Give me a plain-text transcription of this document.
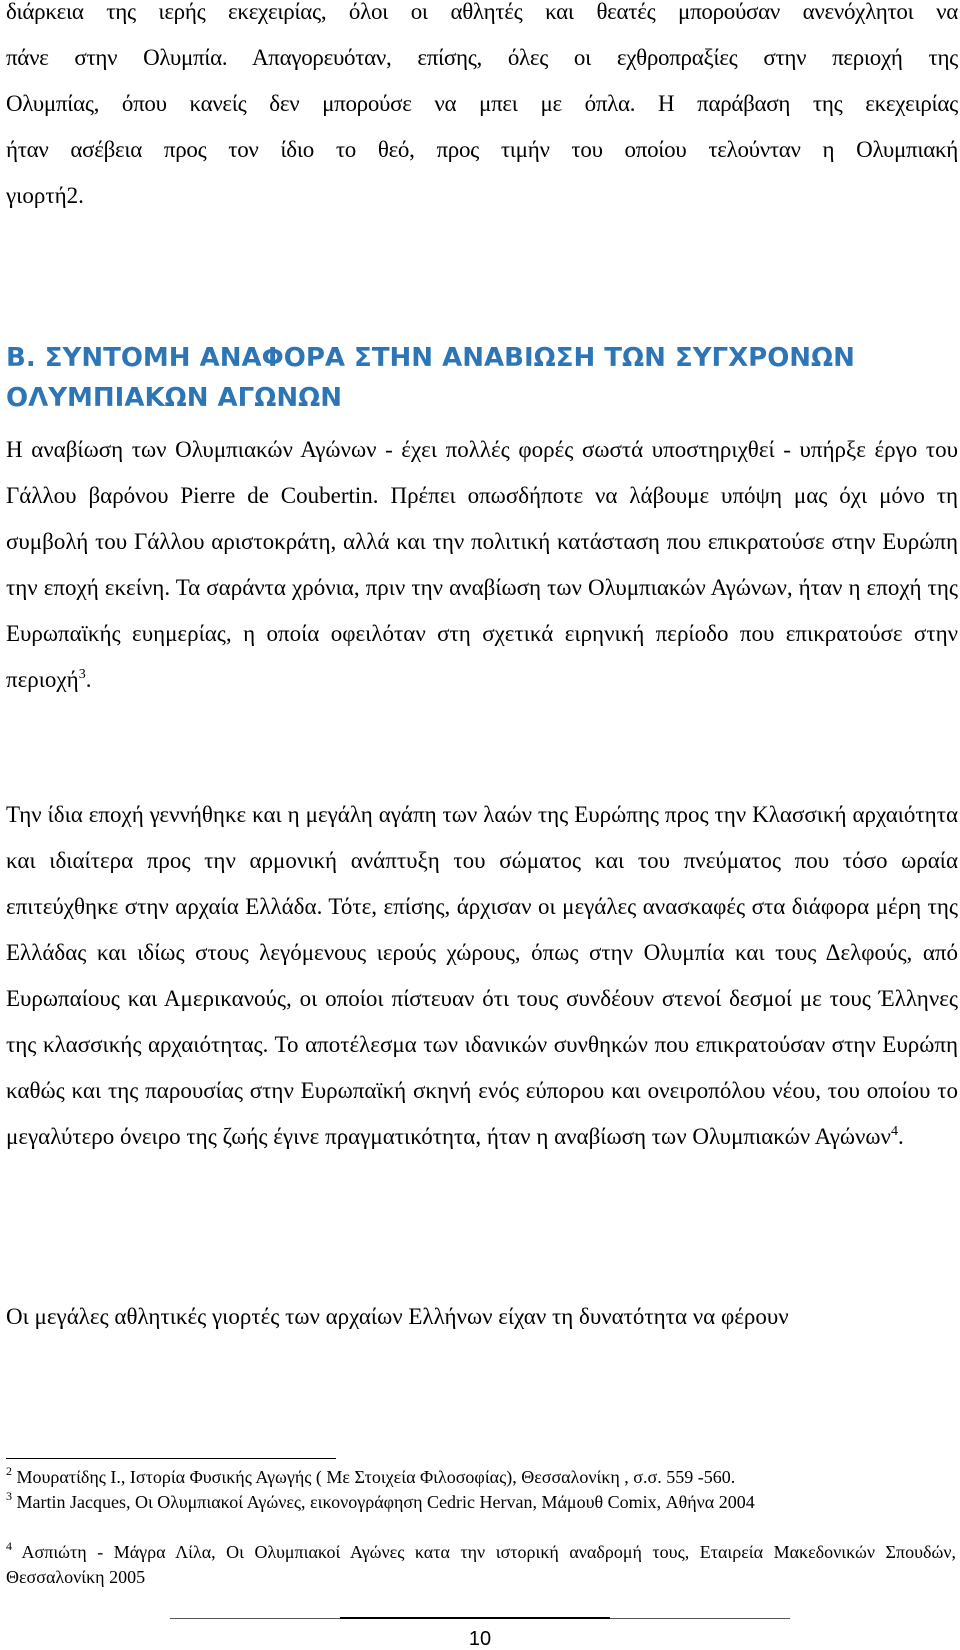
διάρκεια της ιερής εκεχειρίας, όλοι οι αθλητές και θεατές μπορούσαν ανενόχλητοι να

πάνε στην Ολυμπία. Απαγορευόταν, επίσης, όλες οι εχθροπραξίες στην περιοχή της

Ολυμπίας, όπου κανείς δεν μπορούσε να μπει με όπλα. Η παράβαση της εκεχειρίας

ήταν ασέβεια προς τον ίδιο το θεό, προς τιμήν του οποίου τελούνταν η Ολυμπιακή

γιορτή2.

Β. ΣΥΝΤΟΜΗ ΑΝΑΦΟΡΑ ΣΤΗΝ ΑΝΑΒΙΩΣΗ ΤΩΝ ΣΥΓΧΡΟΝΩΝ
ΟΛΥΜΠΙΑΚΩΝ ΑΓΩΝΩΝ

Η αναβίωση των Ολυμπιακών Αγώνων - έχει πολλές φορές σωστά υποστηριχθεί - υπήρξε έργο του Γάλλου βαρόνου Pierre de Coubertin. Πρέπει οπωσδήποτε να λάβουμε υπόψη μας όχι μόνο τη συμβολή του Γάλλου αριστοκράτη, αλλά και την πολιτική κατάσταση που επικρατούσε στην Ευρώπη την εποχή εκείνη. Τα σαράντα χρόνια, πριν την αναβίωση των Ολυμπιακών Αγώνων, ήταν η εποχή της Ευρωπαϊκής ευημερίας, η οποία οφειλόταν στη σχετικά ειρηνική περίοδο που επικρατούσε στην περιοχή$^3$.

Την ίδια εποχή γεννήθηκε και η μεγάλη αγάπη των λαών της Ευρώπης προς την Κλασσική αρχαιότητα και ιδιαίτερα προς την αρμονική ανάπτυξη του σώματος και του πνεύματος που τόσο ωραία επιτεύχθηκε στην αρχαία Ελλάδα. Τότε, επίσης, άρχισαν οι μεγάλες ανασκαφές στα διάφορα μέρη της Ελλάδας και ιδίως στους λεγόμενους ιερούς χώρους, όπως στην Ολυμπία και τους Δελφούς, από Ευρωπαίους και Αμερικανούς, οι οποίοι πίστευαν ότι τους συνδέουν στενοί δεσμοί με τους Έλληνες της κλασσικής αρχαιότητας. Το αποτέλεσμα των ιδανικών συνθηκών που επικρατούσαν στην Ευρώπη καθώς και της παρουσίας στην Ευρωπαϊκή σκηνή ενός εύπορου και ονειροπόλου νέου, του οποίου το μεγαλύτερο όνειρο της ζωής έγινε πραγματικότητα, ήταν η αναβίωση των Ολυμπιακών Αγώνων$^4$.

Οι μεγάλες αθλητικές γιορτές των αρχαίων Ελλήνων είχαν τη δυνατότητα να φέρουν

$^2$ Μουρατίδης Ι., Ιστορία Φυσικής Αγωγής ( Με Στοιχεία Φιλοσοφίας), Θεσσαλονίκη , σ.σ. 559 -560.

$^3$ Martin Jacques, Οι Ολυμπιακοί Αγώνες, εικονογράφηση Cedric Hervan, Μάμουθ Comix, Αθήνα 2004

$^4$ Ασπιώτη - Μάγρα Λίλα, Οι Ολυμπιακοί Αγώνες κατα την ιστορική αναδρομή τους, Εταιρεία Μακεδονικών Σπουδών, Θεσσαλονίκη 2005

10
